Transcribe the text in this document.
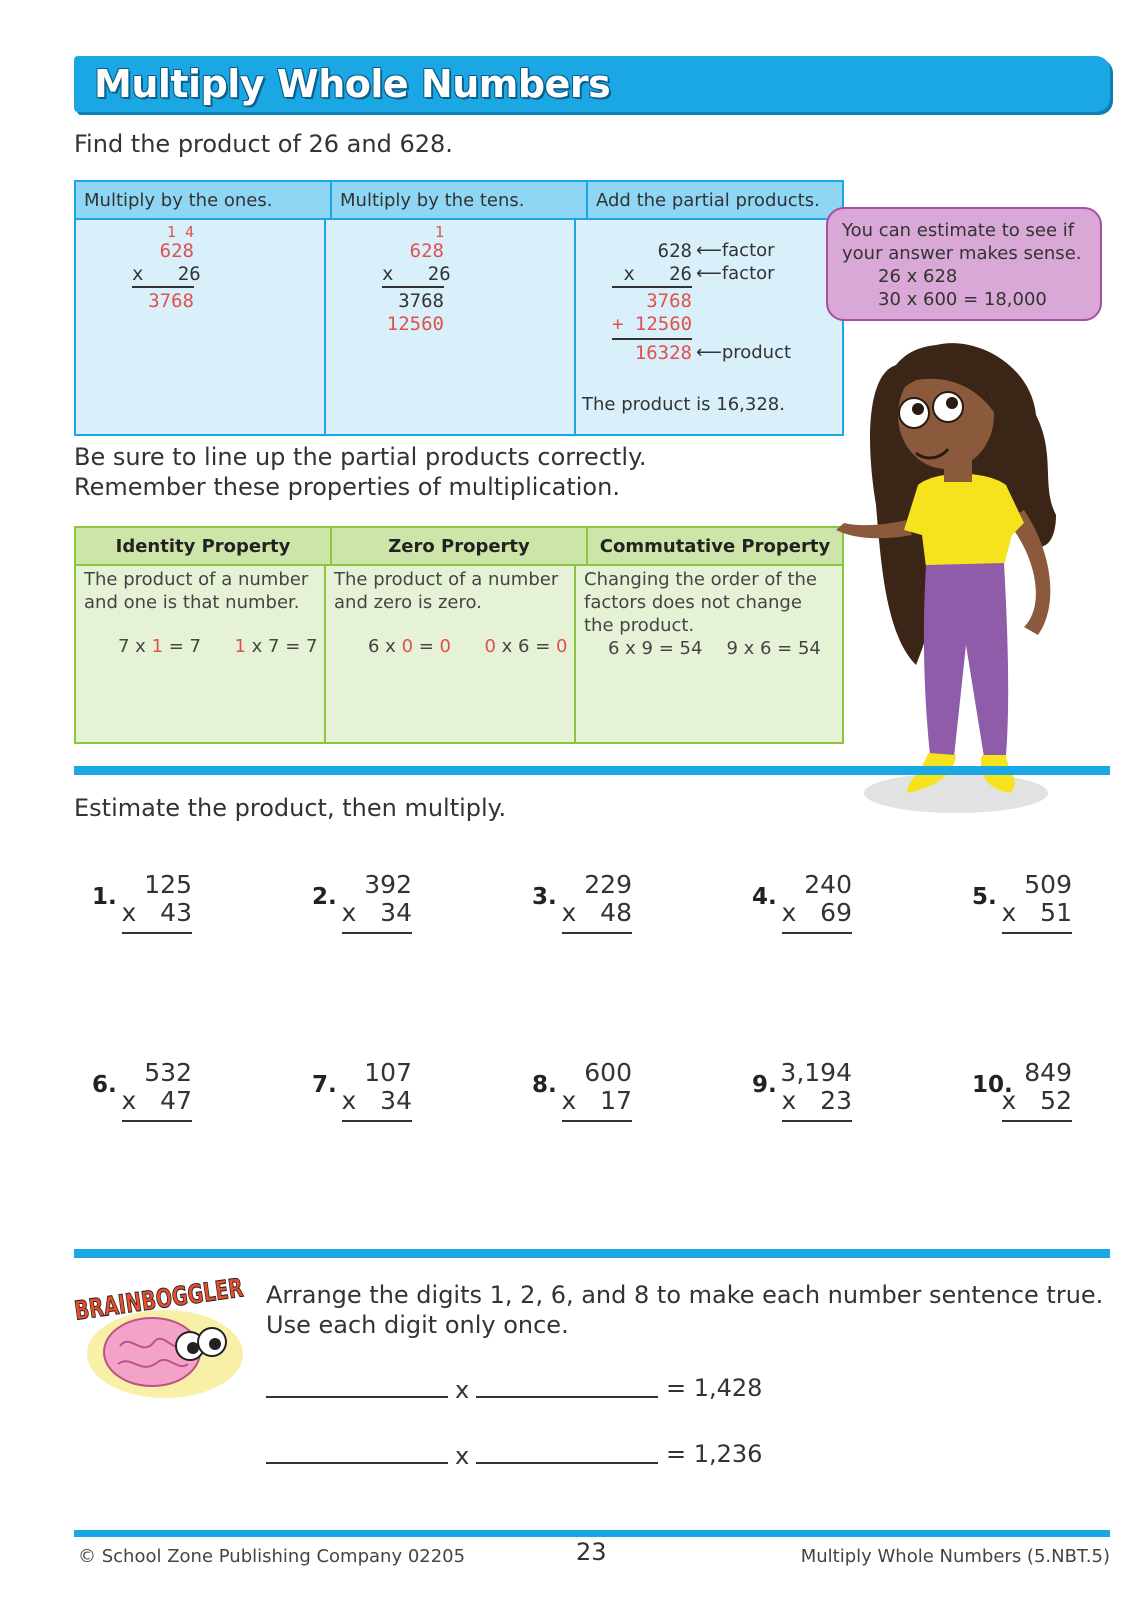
Multiply Whole Numbers
Find the product of 26 and 628.
Multiply by the ones.	Multiply by the tens.	Add the partial products.
1 4
628
x   26
3768
1
628
x   26
3768
12560
628
x   26
3768
+ 12560
16328
⟵factor
⟵factor
⟵product
The product is 16,328.
You can estimate to see if
your answer makes sense.
26 x 628
30 x 600 = 18,000
Be sure to line up the partial products correctly.
Remember these properties of multiplication.
Identity Property	Zero Property	Commutative Property
The product of a number
and one is that number.
7 x 1 = 7 1 x 7 = 7
The product of a number
and zero is zero.
6 x 0 = 0 0 x 6 = 0
Changing the order of the
factors does not change
the product.
6 x 9 = 54 9 x 6 = 54
Estimate the product, then multiply.
1. 125
x   43
2. 392
x   34
3. 229
x   48
4. 240
x   69
5. 509
x   51
6. 532
x   47
7. 107
x   34
8. 600
x   17
9. 3,194
x   23
10. 849
x   52
BRAINBOGGLER
Arrange the digits 1, 2, 6, and 8 to make each number sentence true.
Use each digit only once.
x	= 1,428
x	= 1,236
© School Zone Publishing Company 02205	23	Multiply Whole Numbers (5.NBT.5)
